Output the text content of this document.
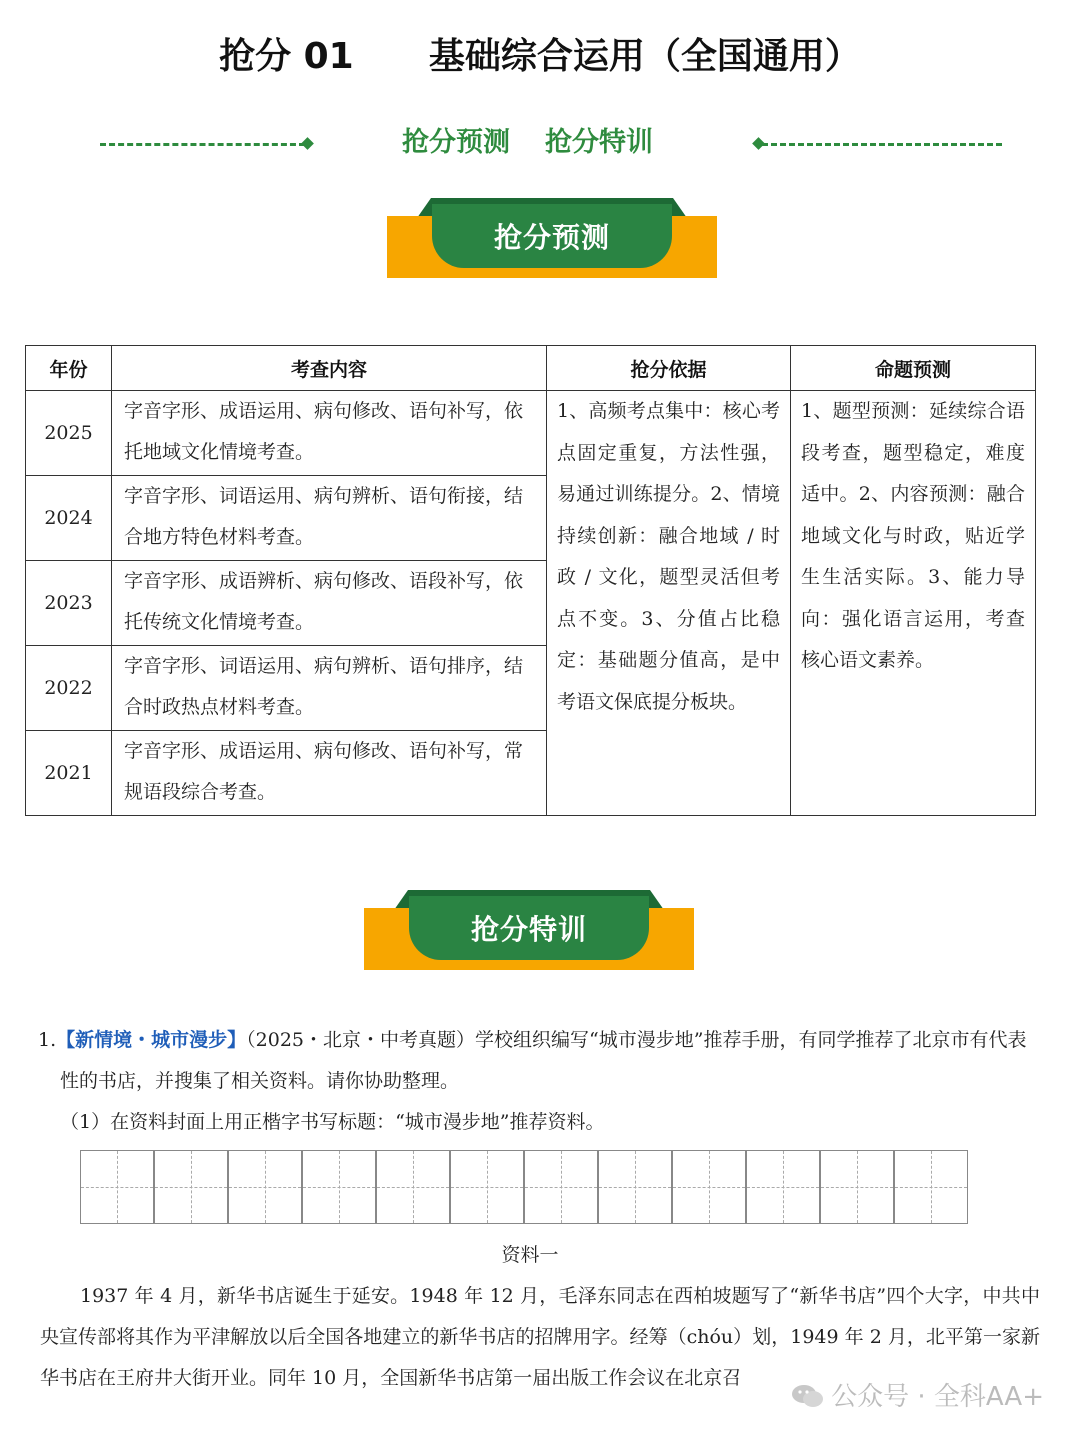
抢分 01      基础综合运用（全国通用）
抢分预测 抢分特训
抢分预测
年份	考查内容	抢分依据	命题预测
2025	字音字形、成语运用、病句修改、语句补写，依托地域文化情境考查。	1、高频考点集中：核心考点固定重复，方法性强，易通过训练提分。2、情境持续创新：融合地域 / 时政 / 文化，题型灵活但考点不变。3、分值占比稳定：基础题分值高，是中考语文保底提分板块。	1、题型预测：延续综合语段考查，题型稳定，难度适中。2、内容预测：融合地域文化与时政，贴近学生生活实际。3、能力导向：强化语言运用，考查核心语文素养。
2024	字音字形、词语运用、病句辨析、语句衔接，结合地方特色材料考查。		
2023	字音字形、成语辨析、病句修改、语段补写，依托传统文化情境考查。		
2022	字音字形、词语运用、病句辨析、语句排序，结合时政热点材料考查。		
2021	字音字形、成语运用、病句修改、语句补写，常规语段综合考查。		
抢分特训
1.【新情境・城市漫步】（2025・北京・中考真题）学校组织编写“城市漫步地”推荐手册，有同学推荐了北京市有代表性的书店，并搜集了相关资料。请你协助整理。
（1）在资料封面上用正楷字书写标题：“城市漫步地”推荐资料。
资料一
1937 年 4 月，新华书店诞生于延安。1948 年 12 月，毛泽东同志在西柏坡题写了“新华书店”四个大字，中共中央宣传部将其作为平津解放以后全国各地建立的新华书店的招牌用字。经筹（chóu）划，1949 年 2 月，北平第一家新华书店在王府井大街开业。同年 10 月，全国新华书店第一届出版工作会议在北京召
公众号 · 全科AA+
